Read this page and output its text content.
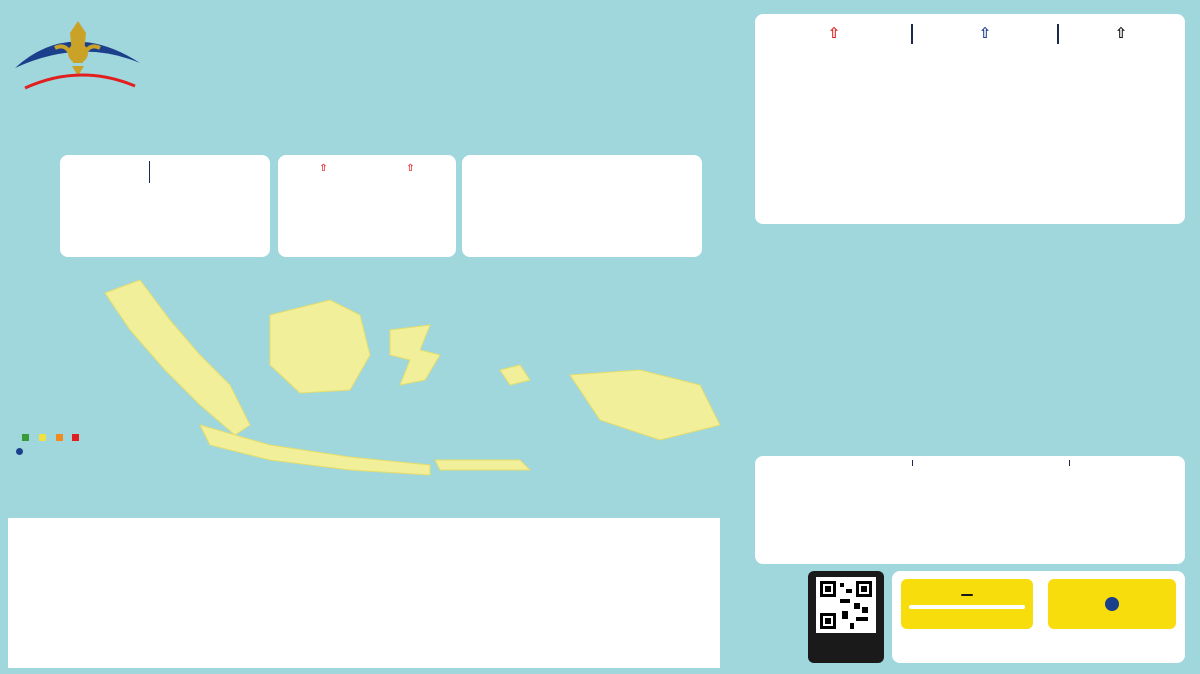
⇧	⇧

⇧	⇧	⇧
